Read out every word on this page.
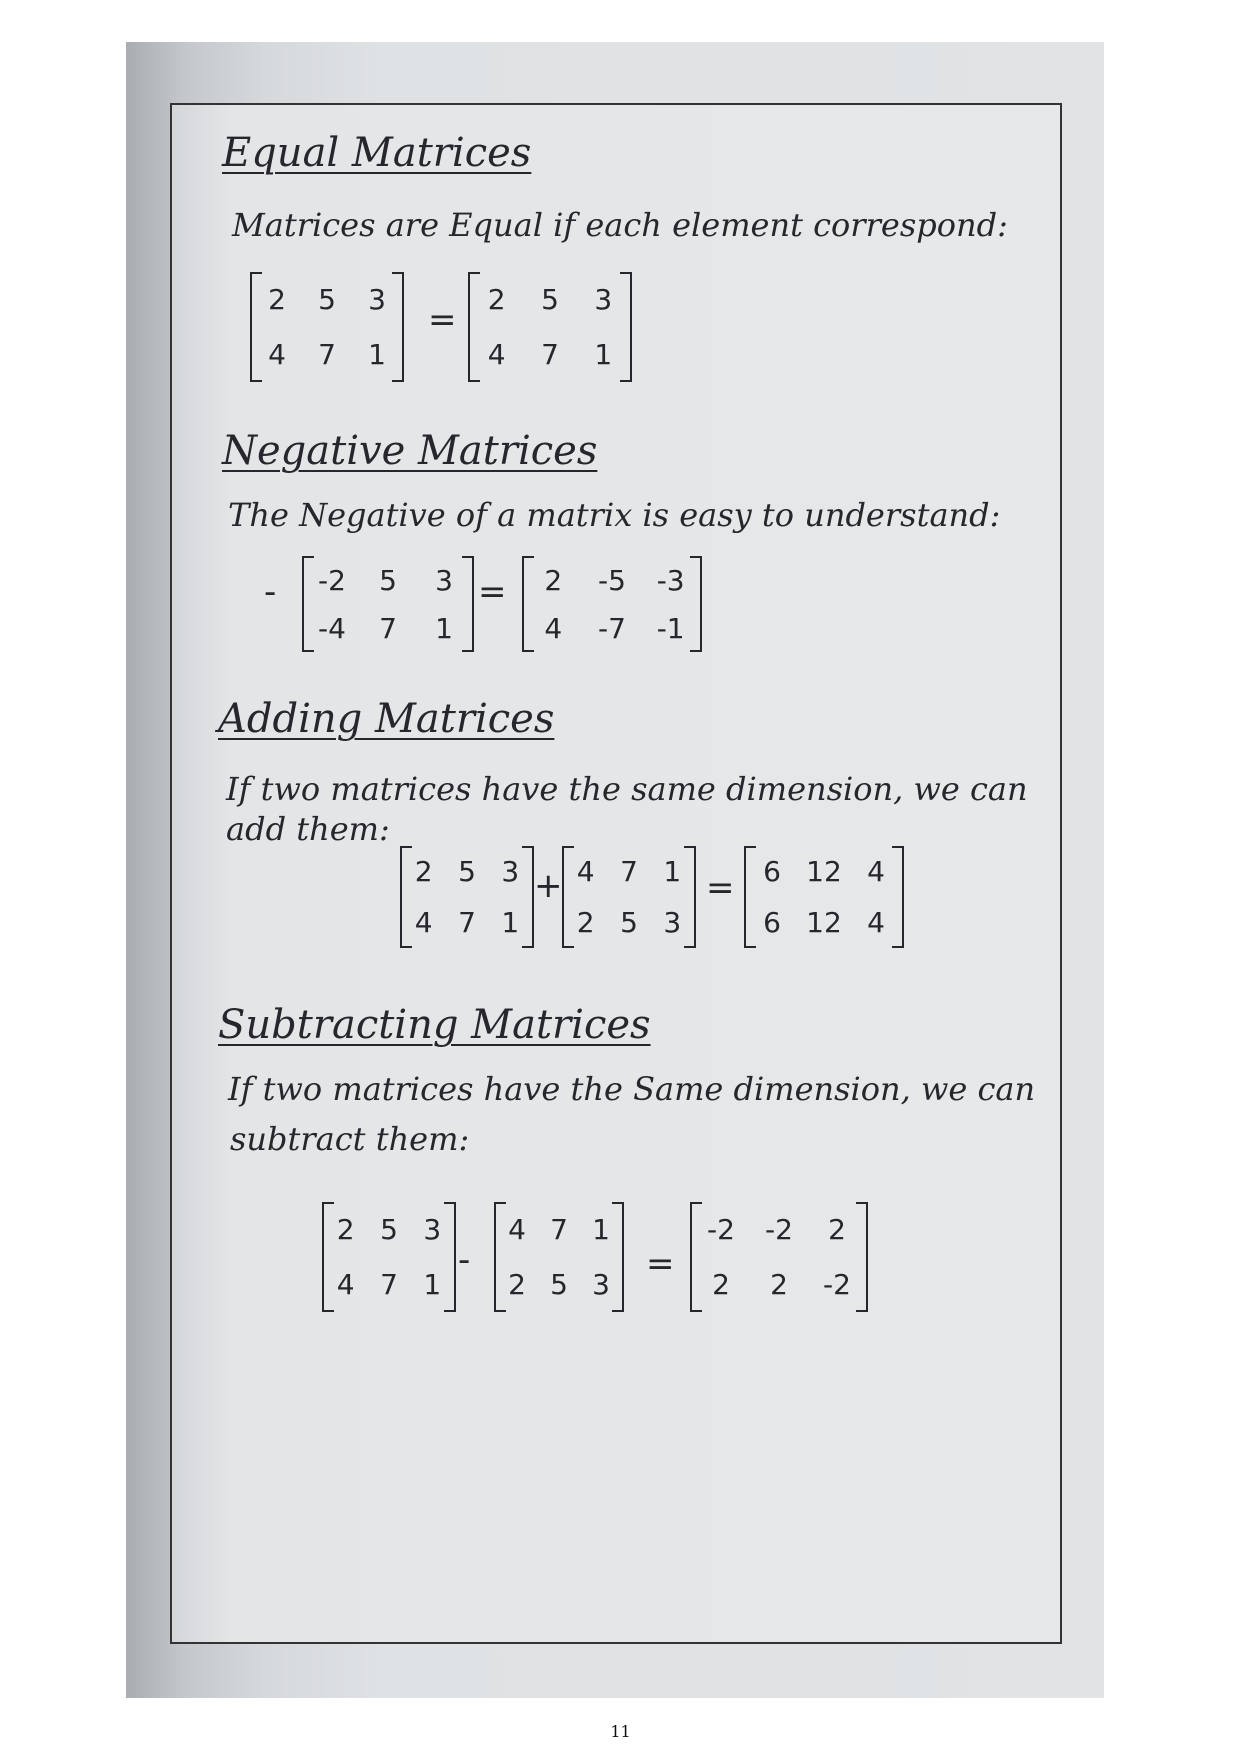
Equal Matrices
Matrices are Equal if each element correspond:
2 5 3
4 7 1
=
2 5 3
4 7 1
Negative Matrices
The Negative of a matrix is easy to understand:
- -2 5 3
-4 7 1
= 2 -5 -3
4 -7 -1
Adding Matrices
If two matrices have the same dimension, we can
add them:
2 5 3
4 7 1
+ 4 7 1
2 5 3
= 6 12 4
6 12 4
Subtracting Matrices
If two matrices have the Same dimension, we can
subtract them:
2 5 3
4 7 1
-
4 7 1
2 5 3
=
-2 -2 2
2 2 -2
11
